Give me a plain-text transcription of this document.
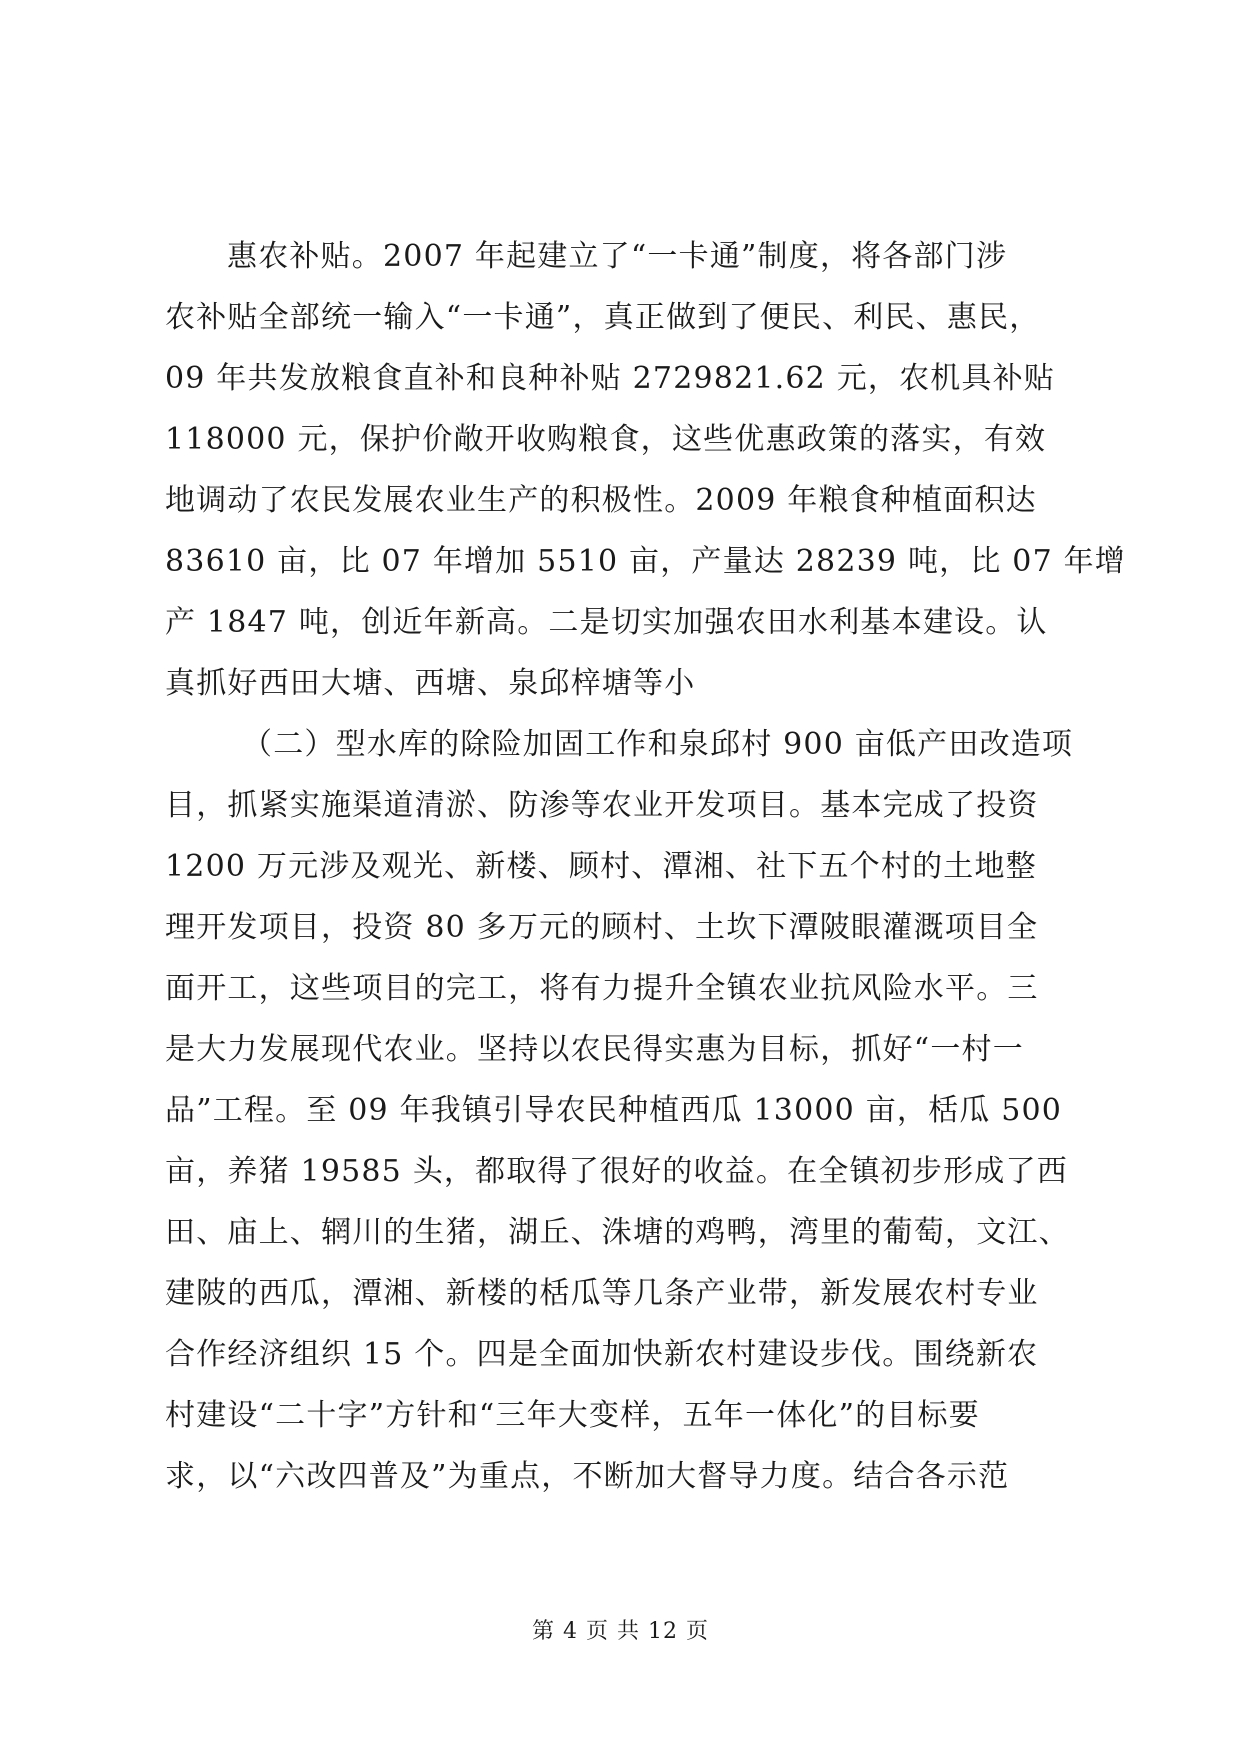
惠农补贴。2007 年起建立了“一卡通”制度，将各部门涉
农补贴全部统一输入“一卡通”，真正做到了便民、利民、惠民，
09 年共发放粮食直补和良种补贴 2729821.62 元，农机具补贴
118000 元，保护价敞开收购粮食，这些优惠政策的落实，有效
地调动了农民发展农业生产的积极性。2009 年粮食种植面积达
83610 亩，比 07 年增加 5510 亩，产量达 28239 吨，比 07 年增
产 1847 吨，创近年新高。二是切实加强农田水利基本建设。认
真抓好西田大塘、西塘、泉邱梓塘等小
（二）型水库的除险加固工作和泉邱村 900 亩低产田改造项
目，抓紧实施渠道清淤、防渗等农业开发项目。基本完成了投资
1200 万元涉及观光、新楼、顾村、潭湘、社下五个村的土地整
理开发项目，投资 80 多万元的顾村、土坎下潭陂眼灌溉项目全
面开工，这些项目的完工，将有力提升全镇农业抗风险水平。三
是大力发展现代农业。坚持以农民得实惠为目标，抓好“一村一
品”工程。至 09 年我镇引导农民种植西瓜 13000 亩，栝瓜 500
亩，养猪 19585 头，都取得了很好的收益。在全镇初步形成了西
田、庙上、辋川的生猪，湖丘、洙塘的鸡鸭，湾里的葡萄，文江、
建陂的西瓜，潭湘、新楼的栝瓜等几条产业带，新发展农村专业
合作经济组织 15 个。四是全面加快新农村建设步伐。围绕新农
村建设“二十字”方针和“三年大变样，五年一体化”的目标要
求，以“六改四普及”为重点，不断加大督导力度。结合各示范
第 4 页 共 12 页
